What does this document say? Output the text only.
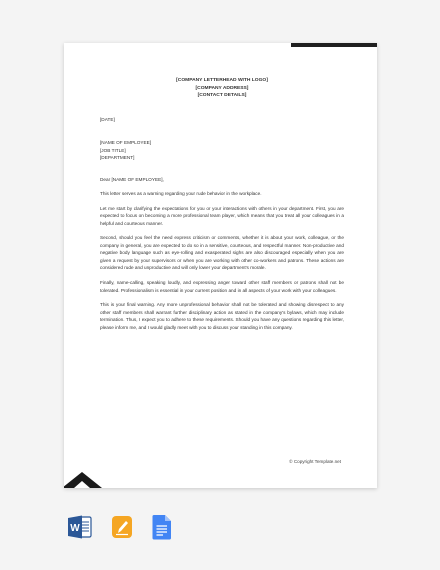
[COMPANY LETTERHEAD WITH LOGO]
[COMPANY ADDRESS]
[CONTACT DETAILS]
[DATE]
[NAME OF EMPLOYEE]
[JOB TITLE]
[DEPARTMENT]

Dear [NAME OF EMPLOYEE],

This letter serves as a warning regarding your rude behavior in the workplace.

Let me start by clarifying the expectations for you or your interactions with others in your department. First, you are expected to focus on becoming a more professional team player, which means that you treat all your colleagues in a helpful and courteous manner.

Second, should you feel the need express criticism or comments, whether it is about your work, colleague, or the company in general, you are expected to do so in a sensitive, courteous, and respectful manner. Non-productive and negative body language such as eye-rolling and exasperated sighs are also discouraged especially when you are given a request by your supervisors or when you are working with other co-workers and patrons. These actions are considered rude and unproductive and will only lower your department's morale.

Finally, name-calling, speaking loudly, and expressing anger toward other staff members or patrons shall not be tolerated. Professionalism is essential in your current position and in all aspects of your work with your colleagues.

This is your final warning. Any more unprofessional behavior shall not be tolerated and showing disrespect to any other staff members shall warrant further disciplinary action as stated in the company's bylaws, which may include termination. Thus, I expect you to adhere to these requirements. Should you have any questions regarding this letter, please inform me, and I would gladly meet with you to discuss your standing in this company.

© Copyright Template.net
W
